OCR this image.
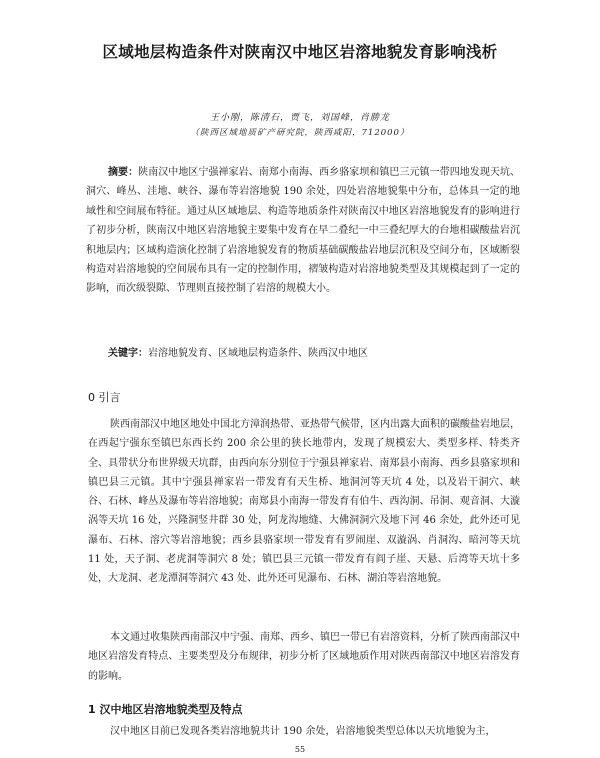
区域地层构造条件对陕南汉中地区岩溶地貌发育影响浅析
王小刚，陈清石，贾飞，刘国峰，肖勝龙
（陕西区域地质矿产研究院，陕西咸阳，712000）
摘要：陕南汉中地区宁强禅家岩、南郑小南海、西乡骆家坝和镇巴三元镇一带四地发现天坑、洞穴、峰丛、洼地、峡谷、瀑布等岩溶地貌 190 余处，四处岩溶地貌集中分布，总体具一定的地域性和空间展布特征。通过从区域地层、构造等地质条件对陕南汉中地区岩溶地貌发育的影响进行了初步分析，陕南汉中地区岩溶地貌主要集中发育在早二叠纪一中三叠纪厚大的台地相碳酸盐岩沉积地层内；区域构造演化控制了岩溶地貌发育的物质基础碳酸盐岩地层沉积及空间分布，区域断裂构造对岩溶地貌的空间展布具有一定的控制作用，褶皱构造对岩溶地貌类型及其规模起到了一定的影响，而次级裂隙、节理则直接控制了岩溶的规模大小。
关键字：岩溶地貌发育、区域地层构造条件、陕西汉中地区
0 引言
陕西南部汉中地区地处中国北方漳润热带、亚热带气候带，区内出露大面积的碳酸盐岩地层，在西起宁强东至镇巴东西长约 200 余公里的狭长地带内，发现了规模宏大、类型多样、特类齐全、具带状分布世界级天坑群，由西向东分别位于宁强县禅家岩、南郑县小南海、西乡县骆家坝和镇巴县三元镇。其中宁强县禅家岩一带发育有天生桥、地洞河等天坑 4 处，以及岩干洞穴、峡谷、石林、峰丛及瀑布等岩溶地貌；南郑县小南海一带发育有伯牛、西沟洞、吊洞、观音洞、大漩涡等天坑 16 处，兴隆洞竖井群 30 处，阿龙沟地缝、大佛洞洞穴及地下河 46 余处，此外还可见瀑布、石林、溶穴等岩溶地貌；西乡县骆家坝一带发育有罗闹崖、双漩涡、肖洞沟、暗河等天坑 11 处，天子洞、老虎洞等洞穴 8 处；镇巴县三元镇一带发育有阎子崖、天悬、后湾等天坑十多处，大龙洞、老龙潭洞等洞穴 43 处、此外还可见瀑布、石林、湖泊等岩溶地貌。
本文通过收集陕西南部汉中宁强、南郑、西乡、镇巴一带已有岩溶资料，分析了陕西南部汉中地区岩溶发育特点、主要类型及分布规律，初步分析了区域地质作用对陕西南部汉中地区岩溶发育的影响。
1 汉中地区岩溶地貌类型及特点
汉中地区目前已发现各类岩溶地貌共计 190 余处，岩溶地貌类型总体以天坑地貌为主，
55
